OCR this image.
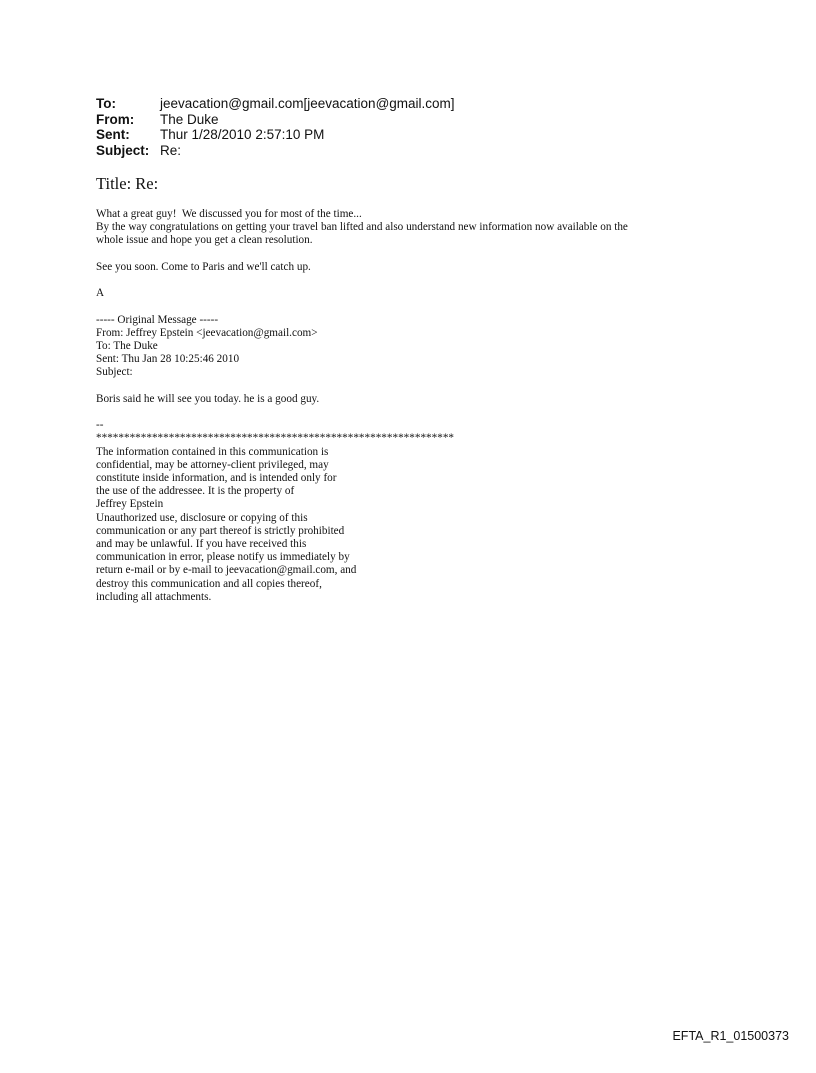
To:	jeevacation@gmail.com[jeevacation@gmail.com]
From:	The Duke
Sent:	Thur 1/28/2010 2:57:10 PM
Subject: Re:
Title: Re:
What a great guy!  We discussed you for most of the time...
By the way congratulations on getting your travel ban lifted and also understand new information now available on the
whole issue and hope you get a clean resolution.
See you soon. Come to Paris and we'll catch up.
A
----- Original Message -----
From: Jeffrey Epstein <jeevacation@gmail.com>
To: The Duke
Sent: Thu Jan 28 10:25:46 2010
Subject:
Boris said he will see you today. he is a good guy.
--
****************************************************************
The information contained in this communication is
confidential, may be attorney-client privileged, may
constitute inside information, and is intended only for
the use of the addressee. It is the property of
Jeffrey Epstein
Unauthorized use, disclosure or copying of this
communication or any part thereof is strictly prohibited
and may be unlawful. If you have received this
communication in error, please notify us immediately by
return e-mail or by e-mail to jeevacation@gmail.com, and
destroy this communication and all copies thereof,
including all attachments.
EFTA_R1_01500373
